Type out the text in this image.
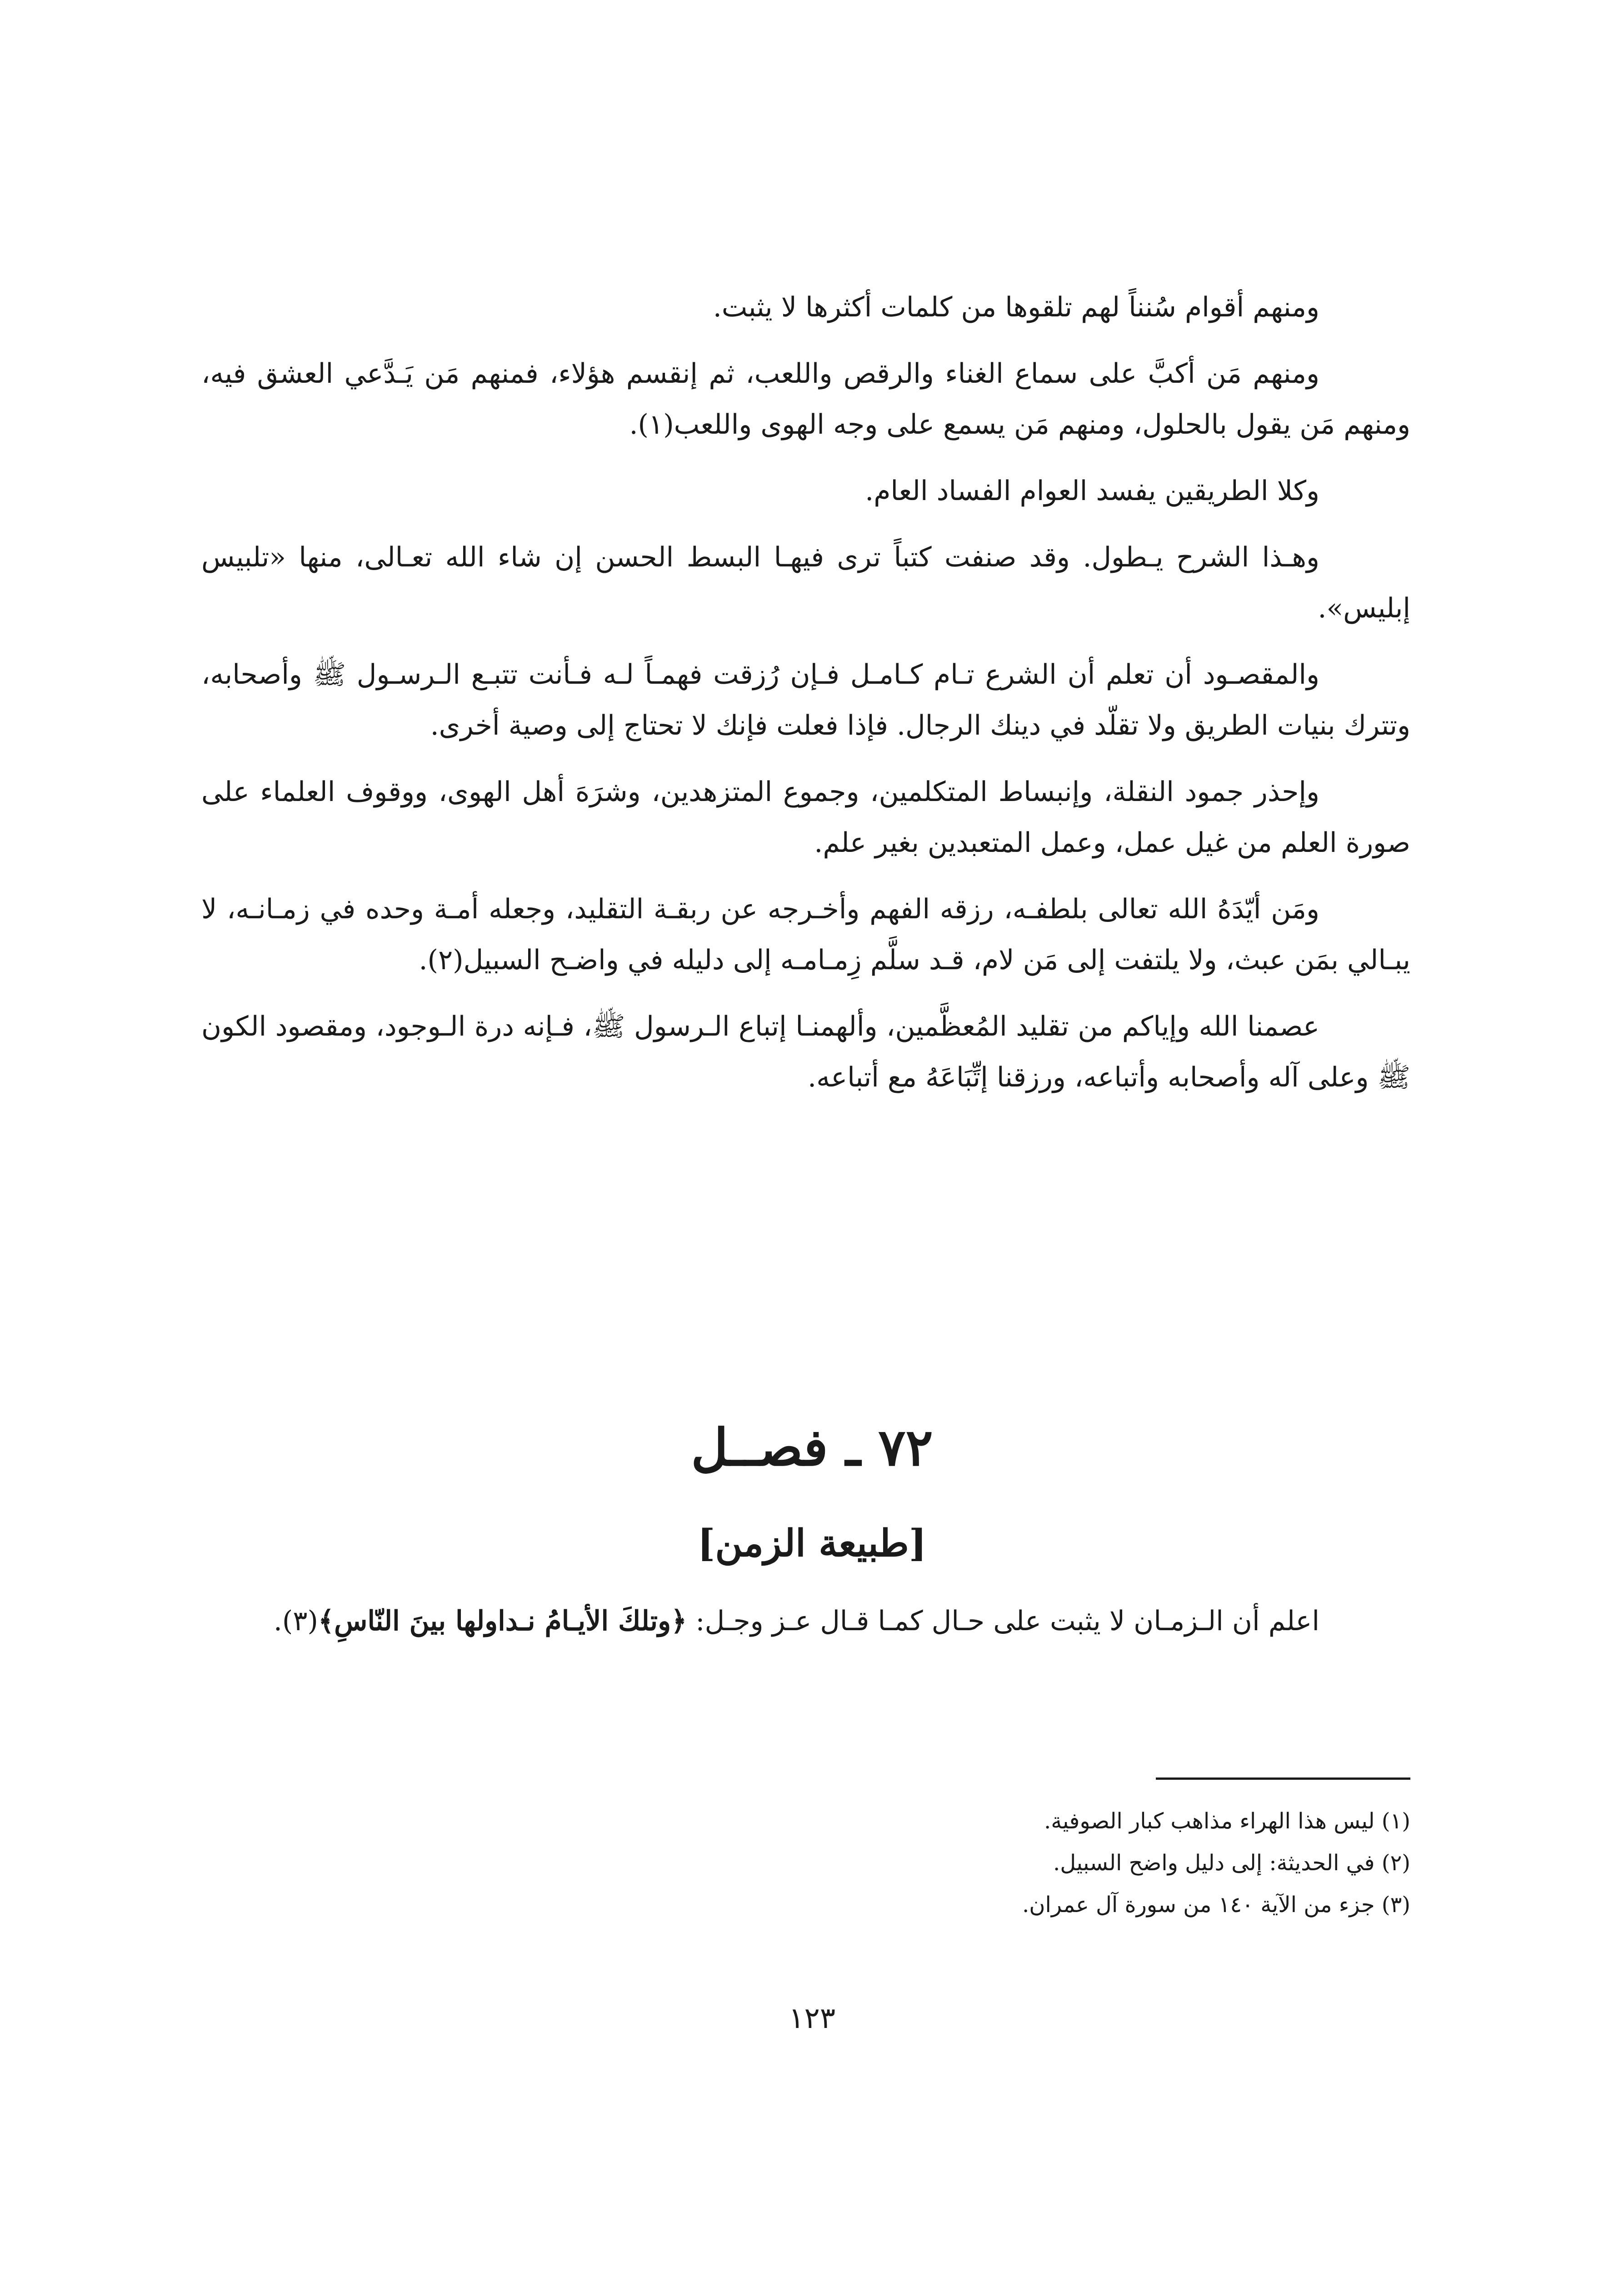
ومنهم أقوام سُنناً لهم تلقوها من كلمات أكثرها لا يثبت.

ومنهم مَن أكبَّ على سماع الغناء والرقص واللعب، ثم إنقسم هؤلاء، فمنهم مَن يَـدَّعي العشق فيه، ومنهم مَن يقول بالحلول، ومنهم مَن يسمع على وجه الهوى واللعب(١).

وكلا الطريقين يفسد العوام الفساد العام.

وهـذا الشرح يـطول. وقد صنفت كتباً ترى فيهـا البسط الحسن إن شاء الله تعـالى، منها «تلبيس إبليس».

والمقصـود أن تعلم أن الشرع تـام كـامـل فـإن رُزقت فهمـاً لـه فـأنت تتبـع الـرسـول ﷺ وأصحابه، وتترك بنيات الطريق ولا تقلّد في دينك الرجال. فإذا فعلت فإنك لا تحتاج إلى وصية أخرى.

وإحذر جمود النقلة، وإنبساط المتكلمين، وجموع المتزهدين، وشرَهَ أهل الهوى، ووقوف العلماء على صورة العلم من غيل عمل، وعمل المتعبدين بغير علم.

ومَن أيّدَهُ الله تعالى بلطفـه، رزقه الفهم وأخـرجه عن ربقـة التقليد، وجعله أمـة وحده في زمـانـه، لا يبـالي بمَن عبث، ولا يلتفت إلى مَن لام، قـد سلَّم زِمـامـه إلى دليله في واضـح السبيل(٢).

عصمنا الله وإياكم من تقليد المُعظَّمين، وألهمنـا إتباع الـرسول ﷺ، فـإنه درة الـوجود، ومقصود الكون ﷺ وعلى آله وأصحابه وأتباعه، ورزقنا إتِّبَاعَهُ مع أتباعه.

٧٢ ـ فصــل
[طبيعة الزمن]

اعلم أن الـزمـان لا يثبت على حـال كمـا قـال عـز وجـل: ﴿وتلكَ الأيـامُ نـداولها بينَ النّاسِ﴾(٣).

(١) ليس هذا الهراء مذاهب كبار الصوفية.

(٢) في الحديثة: إلى دليل واضح السبيل.

(٣) جزء من الآية ١٤٠ من سورة آل عمران.

١٢٣
